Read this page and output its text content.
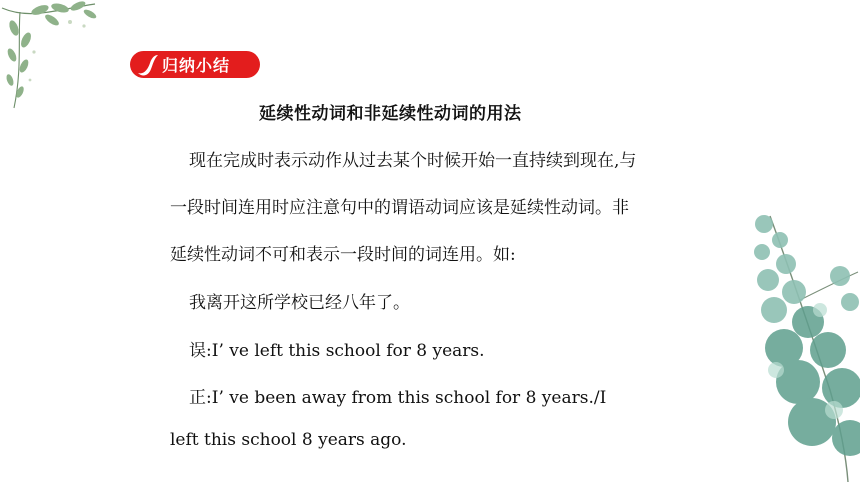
归纳小结
延续性动词和非延续性动词的用法
现在完成时表示动作从过去某个时候开始一直持续到现在,与
一段时间连用时应注意句中的谓语动词应该是延续性动词。非
延续性动词不可和表示一段时间的词连用。如:
我离开这所学校已经八年了。
误:I’ ve left this school for 8 years.
正:I’ ve been away from this school for 8 years./I
left this school 8 years ago.
